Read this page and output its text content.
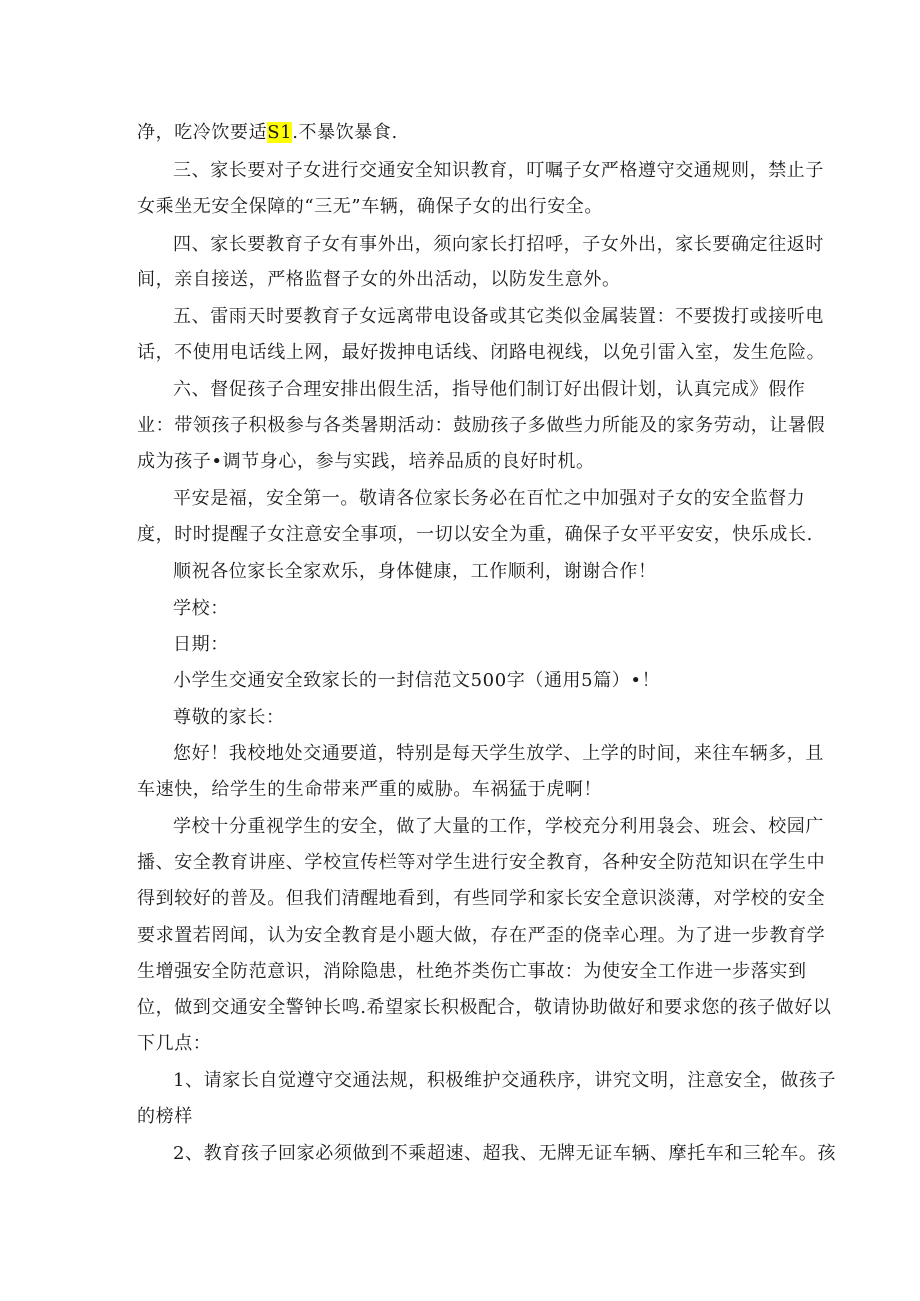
净，吃冷饮要适S1.不暴饮暴食.
三、家长要对子女进行交通安全知识教育，叮嘱子女严格遵守交通规则，禁止子
女乘坐无安全保障的“三无”车辆，确保子女的出行安全。
四、家长要教育子女有事外出，须向家长打招呼，子女外出，家长要确定往返时
间，亲自接送，严格监督子女的外出活动，以防发生意外。
五、雷雨天时要教育子女远离带电设备或其它类似金属装置：不要拨打或接听电
话，不使用电话线上网，最好拨抻电话线、闭路电视线，以免引雷入室，发生危险。
六、督促孩子合理安排出假生活，指导他们制订好出假计划，认真完成》假作
业：带领孩子积极参与各类暑期活动：鼓励孩子多做些力所能及的家务劳动，让暑假
成为孩子•调节身心，参与实践，培养品质的良好时机。
平安是福，安全第一。敬请各位家长务必在百忙之中加强对子女的安全监督力
度，时时提醒子女注意安全事项，一切以安全为重，确保子女平平安安，快乐成长.
顺祝各位家长全家欢乐，身体健康，工作顺利，谢谢合作！
学校：
日期：
小学生交通安全致家长的一封信范文500字（通用5篇）•！
尊敬的家长：
您好！我校地处交通要道，特别是每天学生放学、上学的时间，来往车辆多，且
车速快，给学生的生命带来严重的威胁。车祸猛于虎啊！
学校十分重视学生的安全，做了大量的工作，学校充分利用袅会、班会、校园广
播、安全教育讲座、学校宣传栏等对学生进行安全教育，各种安全防范知识在学生中
得到较好的普及。但我们清醒地看到，有些同学和家长安全意识淡薄，对学校的安全
要求置若罔闻，认为安全教育是小题大做，存在严歪的侥幸心理。为了进一步教育学
生增强安全防范意识，消除隐患，杜绝芥类伤亡事故：为使安全工作进一步落实到
位，做到交通安全警钟长鸣.希望家长积极配合，敬请协助做好和要求您的孩子做好以
下几点：
1、请家长自觉遵守交通法规，积极维护交通秩序，讲究文明，注意安全，做孩子
的榜样
2、教育孩子回家必须做到不乘超速、超我、无牌无证车辆、摩托车和三轮车。孩
